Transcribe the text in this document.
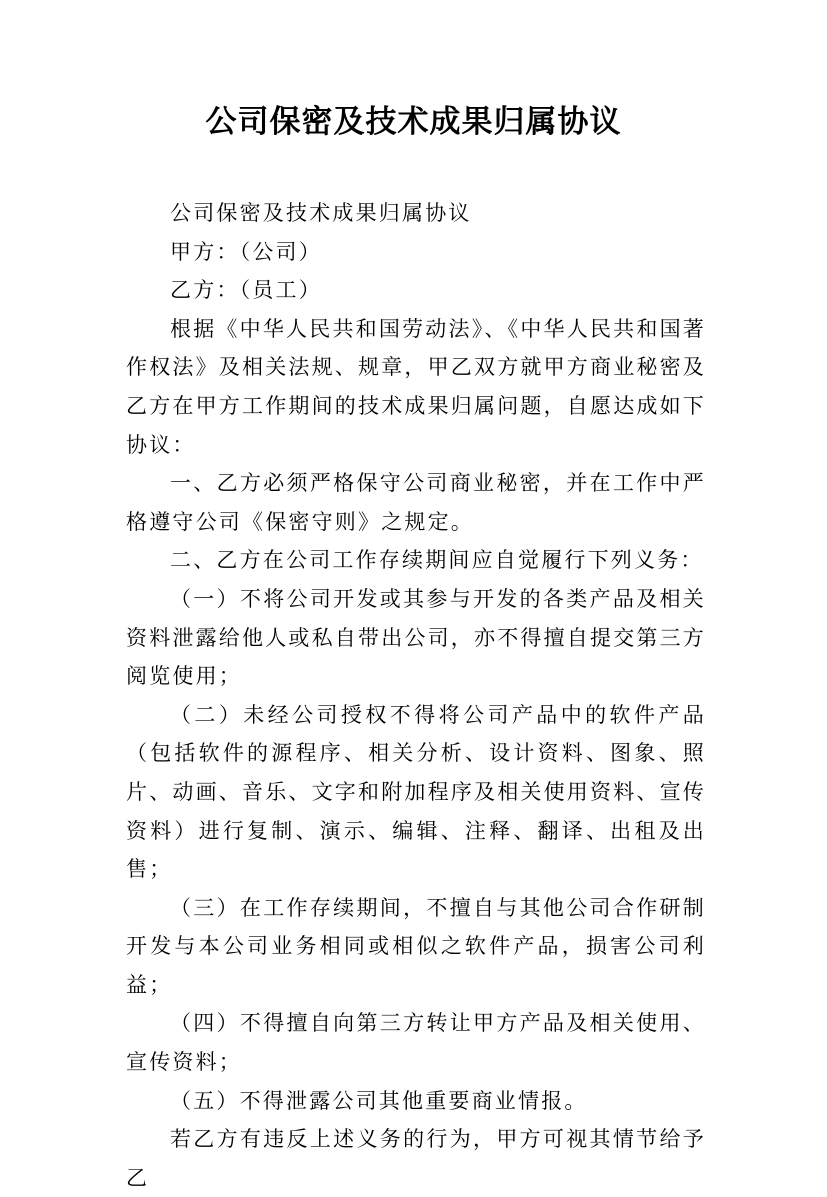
公司保密及技术成果归属协议

公司保密及技术成果归属协议

甲方：（公司）

乙方：（员工）

根据《中华人民共和国劳动法》、《中华人民共和国著作权法》及相关法规、规章，甲乙双方就甲方商业秘密及乙方在甲方工作期间的技术成果归属问题，自愿达成如下协议：

一、乙方必须严格保守公司商业秘密，并在工作中严格遵守公司《保密守则》之规定。

二、乙方在公司工作存续期间应自觉履行下列义务：

（一）不将公司开发或其参与开发的各类产品及相关资料泄露给他人或私自带出公司，亦不得擅自提交第三方阅览使用；

（二）未经公司授权不得将公司产品中的软件产品（包括软件的源程序、相关分析、设计资料、图象、照片、动画、音乐、文字和附加程序及相关使用资料、宣传资料）进行复制、演示、编辑、注释、翻译、出租及出售；

（三）在工作存续期间，不擅自与其他公司合作研制开发与本公司业务相同或相似之软件产品，损害公司利益；

（四）不得擅自向第三方转让甲方产品及相关使用、宣传资料；

（五）不得泄露公司其他重要商业情报。

若乙方有违反上述义务的行为，甲方可视其情节给予乙
